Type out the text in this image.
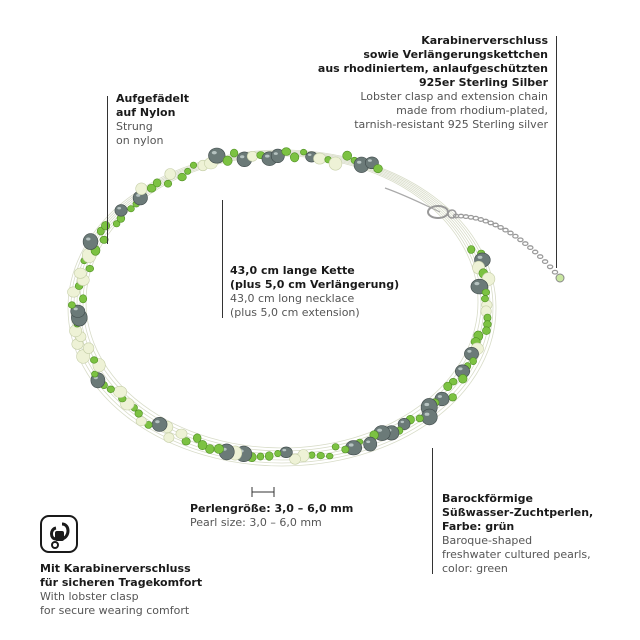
Karabinerverschluss
sowie Verlängerungskettchen
aus rhodiniertem, anlaufgeschützten
925er Sterling Silber
Lobster clasp and extension chain
made from rhodium-plated,
tarnish-resistant 925 Sterling silver
Aufgefädelt
auf Nylon
Strung
on nylon
43,0 cm lange Kette
(plus 5,0 cm Verlängerung)
43,0 cm long necklace
(plus 5,0 cm extension)
Perlengröße: 3,0 – 6,0 mm
Pearl size: 3,0 – 6,0 mm
Barockförmige
Süßwasser-Zuchtperlen,
Farbe: grün
Baroque-shaped
freshwater cultured pearls,
color: green
Mit Karabinerverschluss
für sicheren Tragekomfort
With lobster clasp
for secure wearing comfort
